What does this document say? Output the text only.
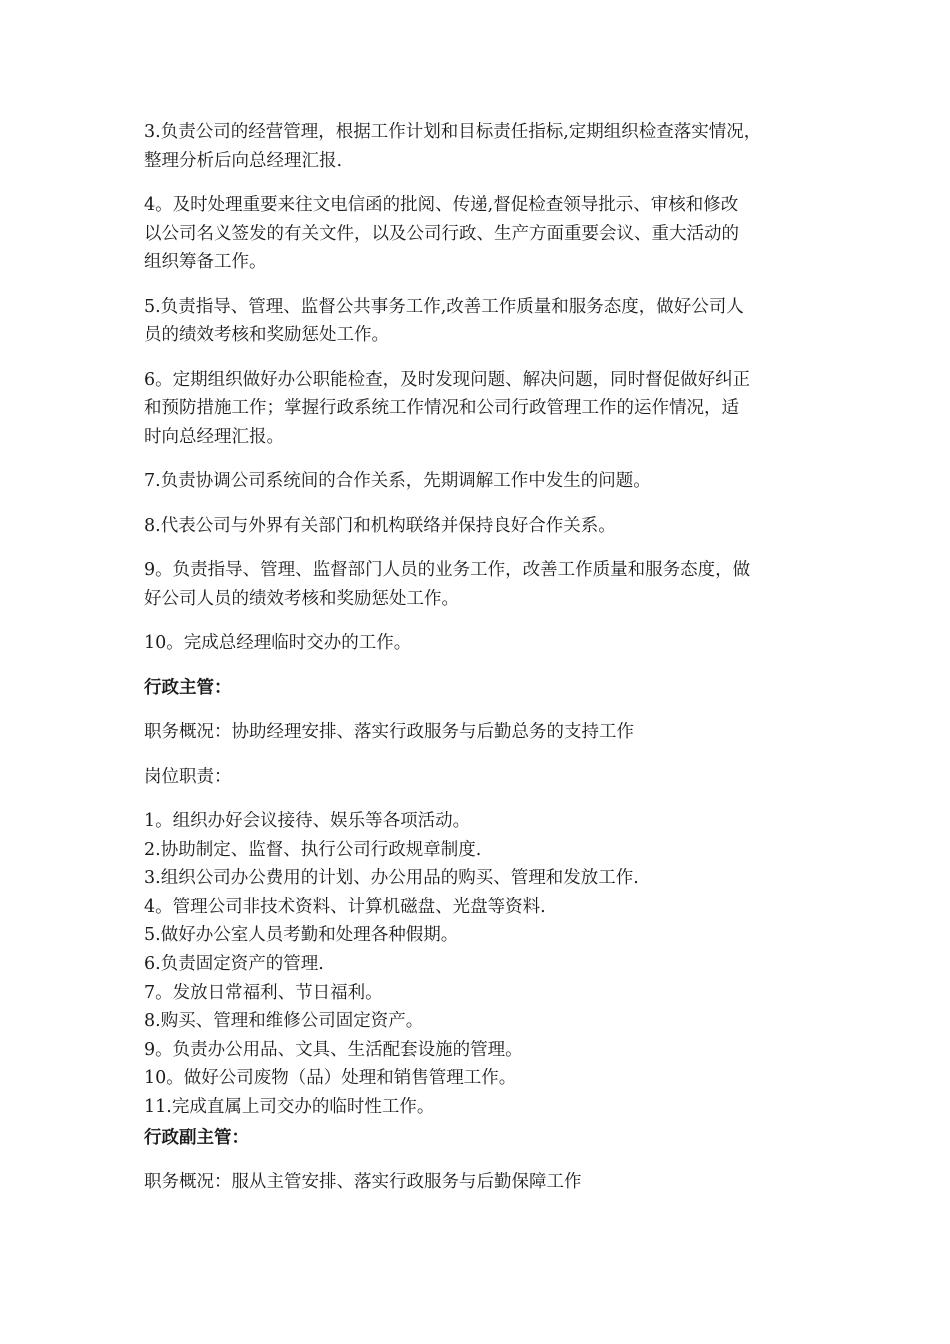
3.负责公司的经营管理，根据工作计划和目标责任指标,定期组织检查落实情况，
整理分析后向总经理汇报.
4。及时处理重要来往文电信函的批阅、传递,督促检查领导批示、审核和修改
以公司名义签发的有关文件，以及公司行政、生产方面重要会议、重大活动的
组织筹备工作。
5.负责指导、管理、监督公共事务工作,改善工作质量和服务态度，做好公司人
员的绩效考核和奖励惩处工作。
6。定期组织做好办公职能检查，及时发现问题、解决问题，同时督促做好纠正
和预防措施工作；掌握行政系统工作情况和公司行政管理工作的运作情况，适
时向总经理汇报。
7.负责协调公司系统间的合作关系，先期调解工作中发生的问题。
8.代表公司与外界有关部门和机构联络并保持良好合作关系。
9。负责指导、管理、监督部门人员的业务工作，改善工作质量和服务态度，做
好公司人员的绩效考核和奖励惩处工作。
10。完成总经理临时交办的工作。
行政主管：
职务概况：协助经理安排、落实行政服务与后勤总务的支持工作
岗位职责：
1。组织办好会议接待、娱乐等各项活动。
2.协助制定、监督、执行公司行政规章制度.
3.组织公司办公费用的计划、办公用品的购买、管理和发放工作.
4。管理公司非技术资料、计算机磁盘、光盘等资料.
5.做好办公室人员考勤和处理各种假期。
6.负责固定资产的管理.
7。发放日常福利、节日福利。
8.购买、管理和维修公司固定资产。
9。负责办公用品、文具、生活配套设施的管理。
10。做好公司废物（品）处理和销售管理工作。
11.完成直属上司交办的临时性工作。
行政副主管：
职务概况：服从主管安排、落实行政服务与后勤保障工作
